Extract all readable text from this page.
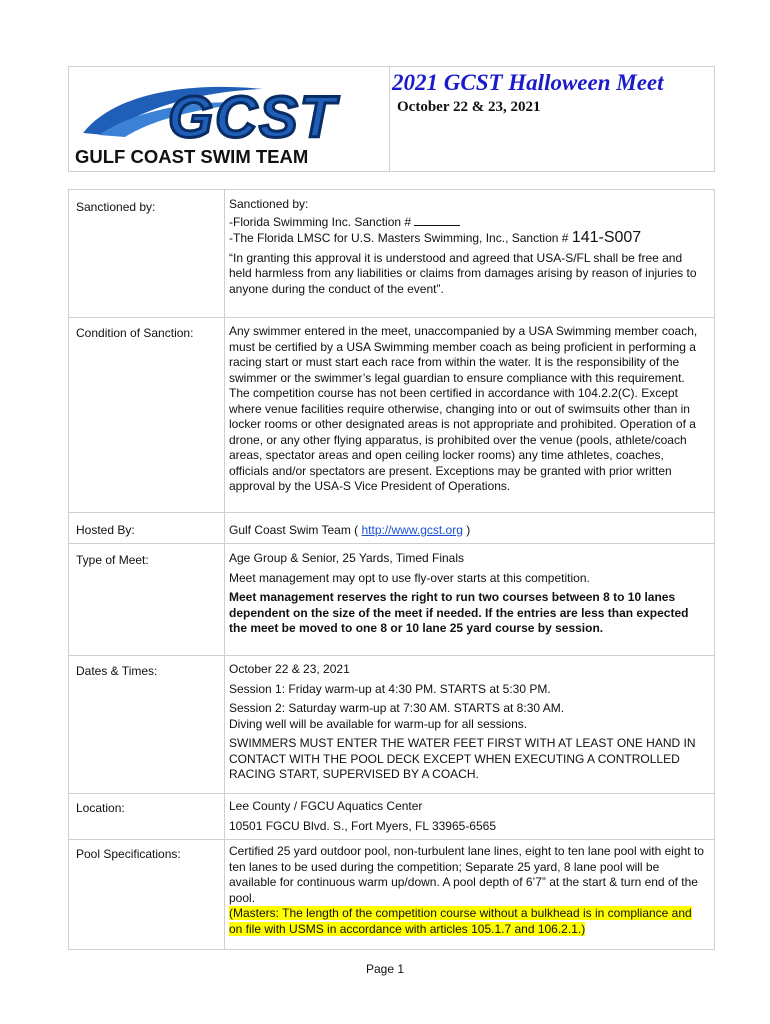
GCST
GULF COAST SWIM TEAM
2021 GCST Halloween Meet
October 22 & 23, 2021
Sanctioned by:	Sanctioned by:

-Florida Swimming Inc. Sanction #

-The Florida LMSC for U.S. Masters Swimming, Inc., Sanction # 141-S007

“In granting this approval it is understood and agreed that USA-S/FL shall be free and held harmless from any liabilities or claims from damages arising by reason of injuries to anyone during the conduct of the event”.

Condition of Sanction:	Any swimmer entered in the meet, unaccompanied by a USA Swimming member coach, must be certified by a USA Swimming member coach as being proficient in performing a racing start or must start each race from within the water. It is the responsibility of the swimmer or the swimmer’s legal guardian to ensure compliance with this requirement. The competition course has not been certified in accordance with 104.2.2(C). Except where venue facilities require otherwise, changing into or out of swimsuits other than in locker rooms or other designated areas is not appropriate and prohibited. Operation of a drone, or any other flying apparatus, is prohibited over the venue (pools, athlete/coach areas, spectator areas and open ceiling locker rooms) any time athletes, coaches, officials and/or spectators are present. Exceptions may be granted with prior written approval by the USA-S Vice President of Operations.
Hosted By:	Gulf Coast Swim Team ( http://www.gcst.org )
Type of Meet:	Age Group & Senior, 25 Yards, Timed Finals

Meet management may opt to use fly-over starts at this competition.

Meet management reserves the right to run two courses between 8 to 10 lanes dependent on the size of the meet if needed. If the entries are less than expected the meet be moved to one 8 or 10 lane 25 yard course by session.

Dates & Times:	October 22 & 23, 2021

Session 1: Friday warm-up at 4:30 PM. STARTS at 5:30 PM.

Session 2: Saturday warm-up at 7:30 AM. STARTS at 8:30 AM.

Diving well will be available for warm-up for all sessions.

SWIMMERS MUST ENTER THE WATER FEET FIRST WITH AT LEAST ONE HAND IN CONTACT WITH THE POOL DECK EXCEPT WHEN EXECUTING A CONTROLLED RACING START, SUPERVISED BY A COACH.

Location:	Lee County / FGCU Aquatics Center

10501 FGCU Blvd. S., Fort Myers, FL 33965-6565

Pool Specifications:	Certified 25 yard outdoor pool, non-turbulent lane lines, eight to ten lane pool with eight to ten lanes to be used during the competition; Separate 25 yard, 8 lane pool will be available for continuous warm up/down. A pool depth of 6’7” at the start & turn end of the pool.

(Masters: The length of the competition course without a bulkhead is in compliance and on file with USMS in accordance with articles 105.1.7 and 106.2.1.)

Page 1
